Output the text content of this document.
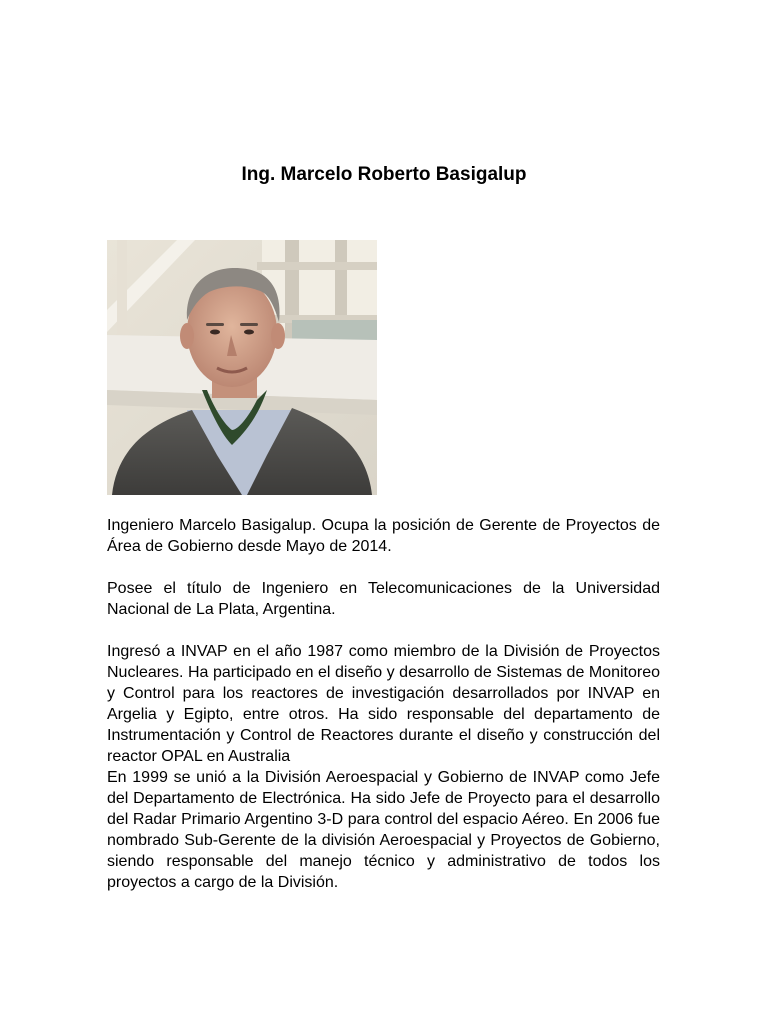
Ing. Marcelo Roberto Basigalup

Ingeniero Marcelo Basigalup. Ocupa la posición de Gerente de Proyectos de Área de Gobierno desde Mayo de 2014.

Posee el título de Ingeniero en Telecomunicaciones de la Universidad Nacional de La Plata, Argentina.

Ingresó a INVAP en el año 1987 como miembro de la División de Proyectos Nucleares. Ha participado en el diseño y desarrollo de Sistemas de Monitoreo y Control para los reactores de investigación desarrollados por INVAP en Argelia y Egipto, entre otros. Ha sido responsable del departamento de Instrumentación y Control de Reactores durante el diseño y construcción del reactor OPAL en Australia

En 1999 se unió a la División Aeroespacial y Gobierno de INVAP como Jefe del Departamento de Electrónica. Ha sido Jefe de Proyecto para el desarrollo del Radar Primario Argentino 3-D para control del espacio Aéreo. En 2006 fue nombrado Sub-Gerente de la división Aeroespacial y Proyectos de Gobierno, siendo responsable del manejo técnico y administrativo de todos los proyectos a cargo de la División.
